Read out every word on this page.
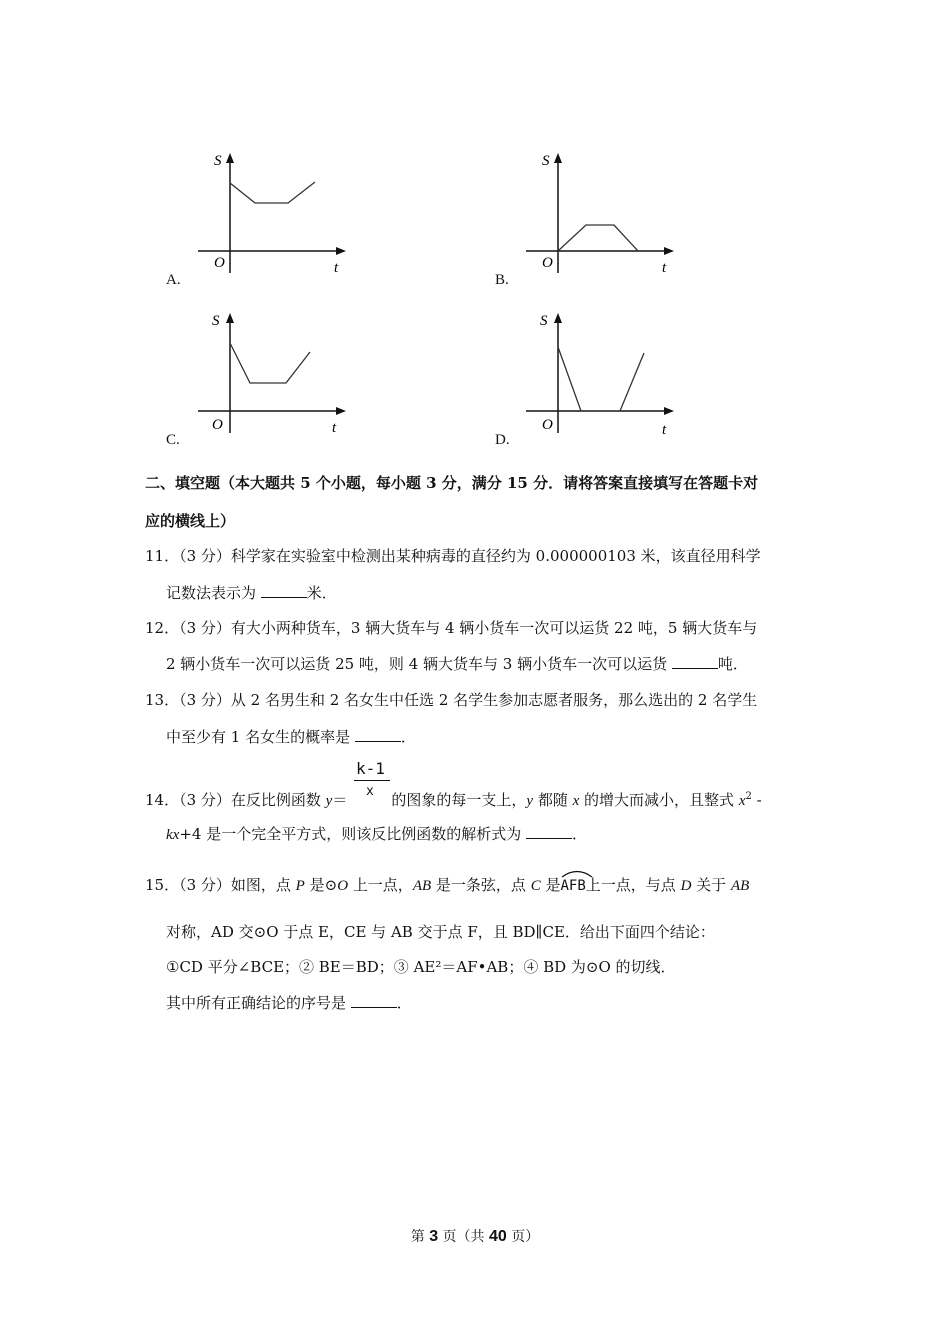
S
O	t
A.
S
O	t
B.
S
O	t
C.
S
O	t
D.
二、填空题（本大题共 5 个小题，每小题 3 分，满分 15 分．请将答案直接填写在答题卡对
应的横线上）
11．（3 分）科学家在实验室中检测出某种病毒的直径约为 0.000000103 米，该直径用科学
记数法表示为	米．
12．（3 分）有大小两种货车，3 辆大货车与 4 辆小货车一次可以运货 22 吨，5 辆大货车与
2 辆小货车一次可以运货 25 吨，则 4 辆大货车与 3 辆小货车一次可以运货	吨．
13．（3 分）从 2 名男生和 2 名女生中任选 2 名学生参加志愿者服务，那么选出的 2 名学生
中至少有 1 名女生的概率是	．
k-1
x
14．（3 分）在反比例函数 y＝	的图象的每一支上，y 都随 x 的增大而减小，且整式 $x^2$ -
kx+4 是一个完全平方式，则该反比例函数的解析式为	．
15．（3 分）如图，点 P 是⊙O 上一点，AB 是一条弦，点 C 是
AFB上一点，与点 D 关于 AB
对称，AD 交⊙O 于点 E，CE 与 AB 交于点 F，且 BD∥CE．给出下面四个结论：
①CD 平分∠BCE；② BE＝BD；③ AE²＝AF•AB；④ BD 为⊙O 的切线．
其中所有正确结论的序号是	．
第 3 页（共 40 页）
